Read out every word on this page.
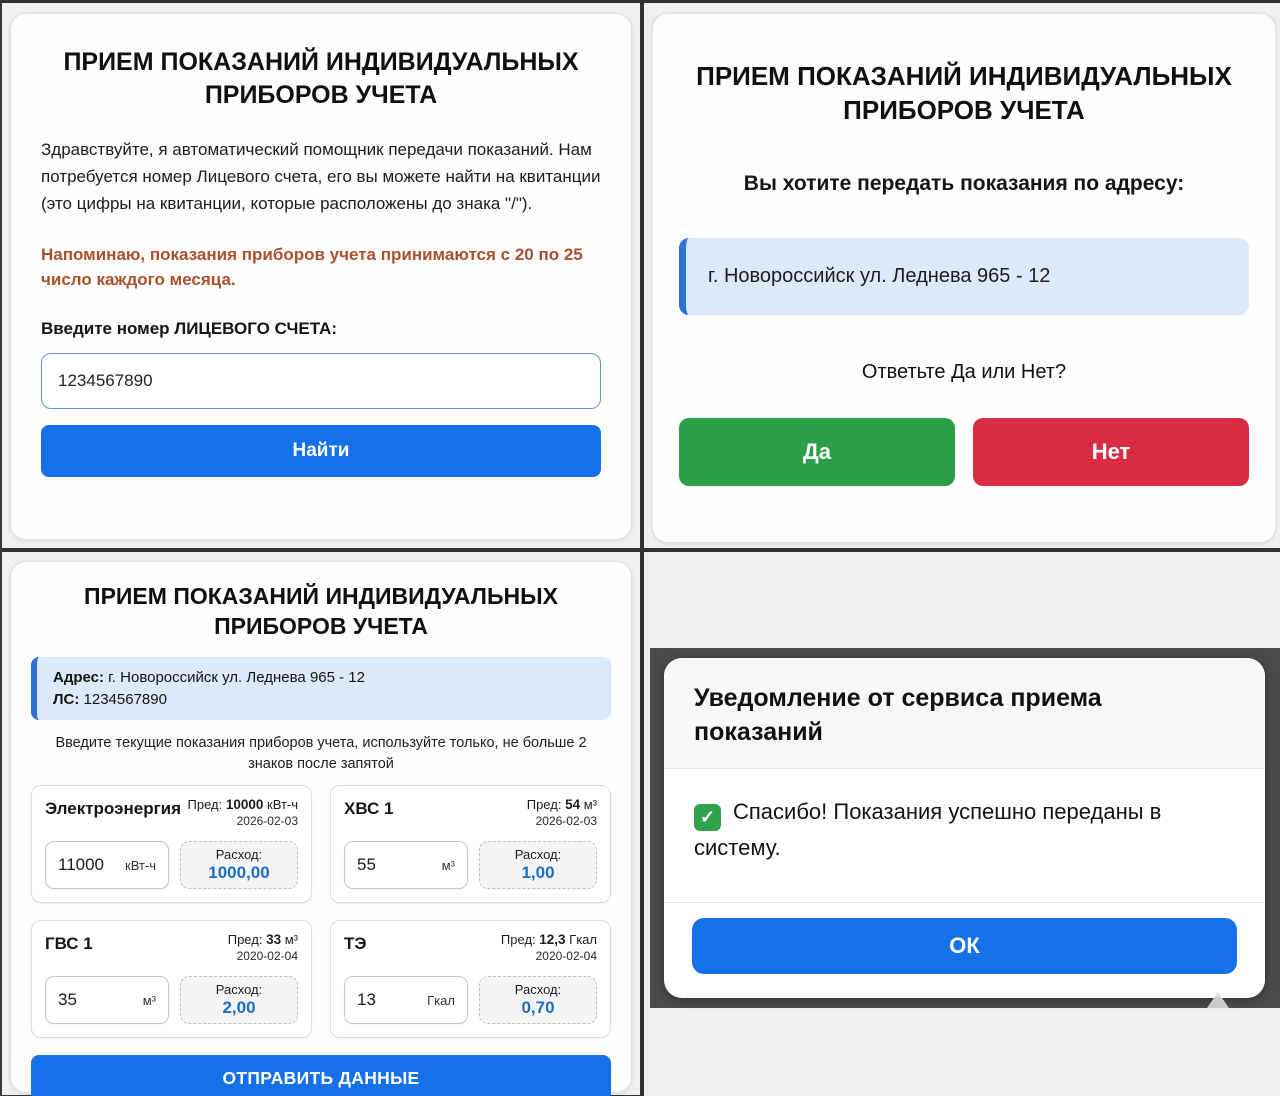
ПРИЕМ ПОКАЗАНИЙ ИНДИВИДУАЛЬНЫХ ПРИБОРОВ УЧЕТА

Здравствуйте, я автоматический помощник передачи показаний. Нам потребуется номер Лицевого счета, его вы можете найти на квитанции (это цифры на квитанции, которые расположены до знака "/").

Напоминаю, показания приборов учета принимаются с 20 по 25 число каждого месяца.

Введите номер ЛИЦЕВОГО СЧЕТА:
1234567890
Найти
ПРИЕМ ПОКАЗАНИЙ ИНДИВИДУАЛЬНЫХ ПРИБОРОВ УЧЕТА
Вы хотите передать показания по адресу:
г. Новороссийск ул. Леднева 965 - 12
Ответьте Да или Нет?
Да	Нет
ПРИЕМ ПОКАЗАНИЙ ИНДИВИДУАЛЬНЫХ ПРИБОРОВ УЧЕТА
Адрес: г. Новороссийск ул. Леднева 965 - 12
ЛС: 1234567890

Введите текущие показания приборов учета, используйте только, не больше 2 знаков после запятой

Электроэнергия Пред: 10000 кВт-ч
2026-02-03
11000 кВт-ч
Расход:
1000,00
ХВС 1	Пред: 54 м³
2026-02-03
55	м³
Расход:
1,00
ГВС 1	Пред: 33 м³
2020-02-04
35	м³
Расход:
2,00
ТЭ	Пред: 12,3 Гкал
2020-02-04
13	Гкал
Расход:
0,70
ОТПРАВИТЬ ДАННЫЕ
Уведомление от сервиса приема показаний

✓ Спасибо! Показания успешно переданы в систему.

ОК
